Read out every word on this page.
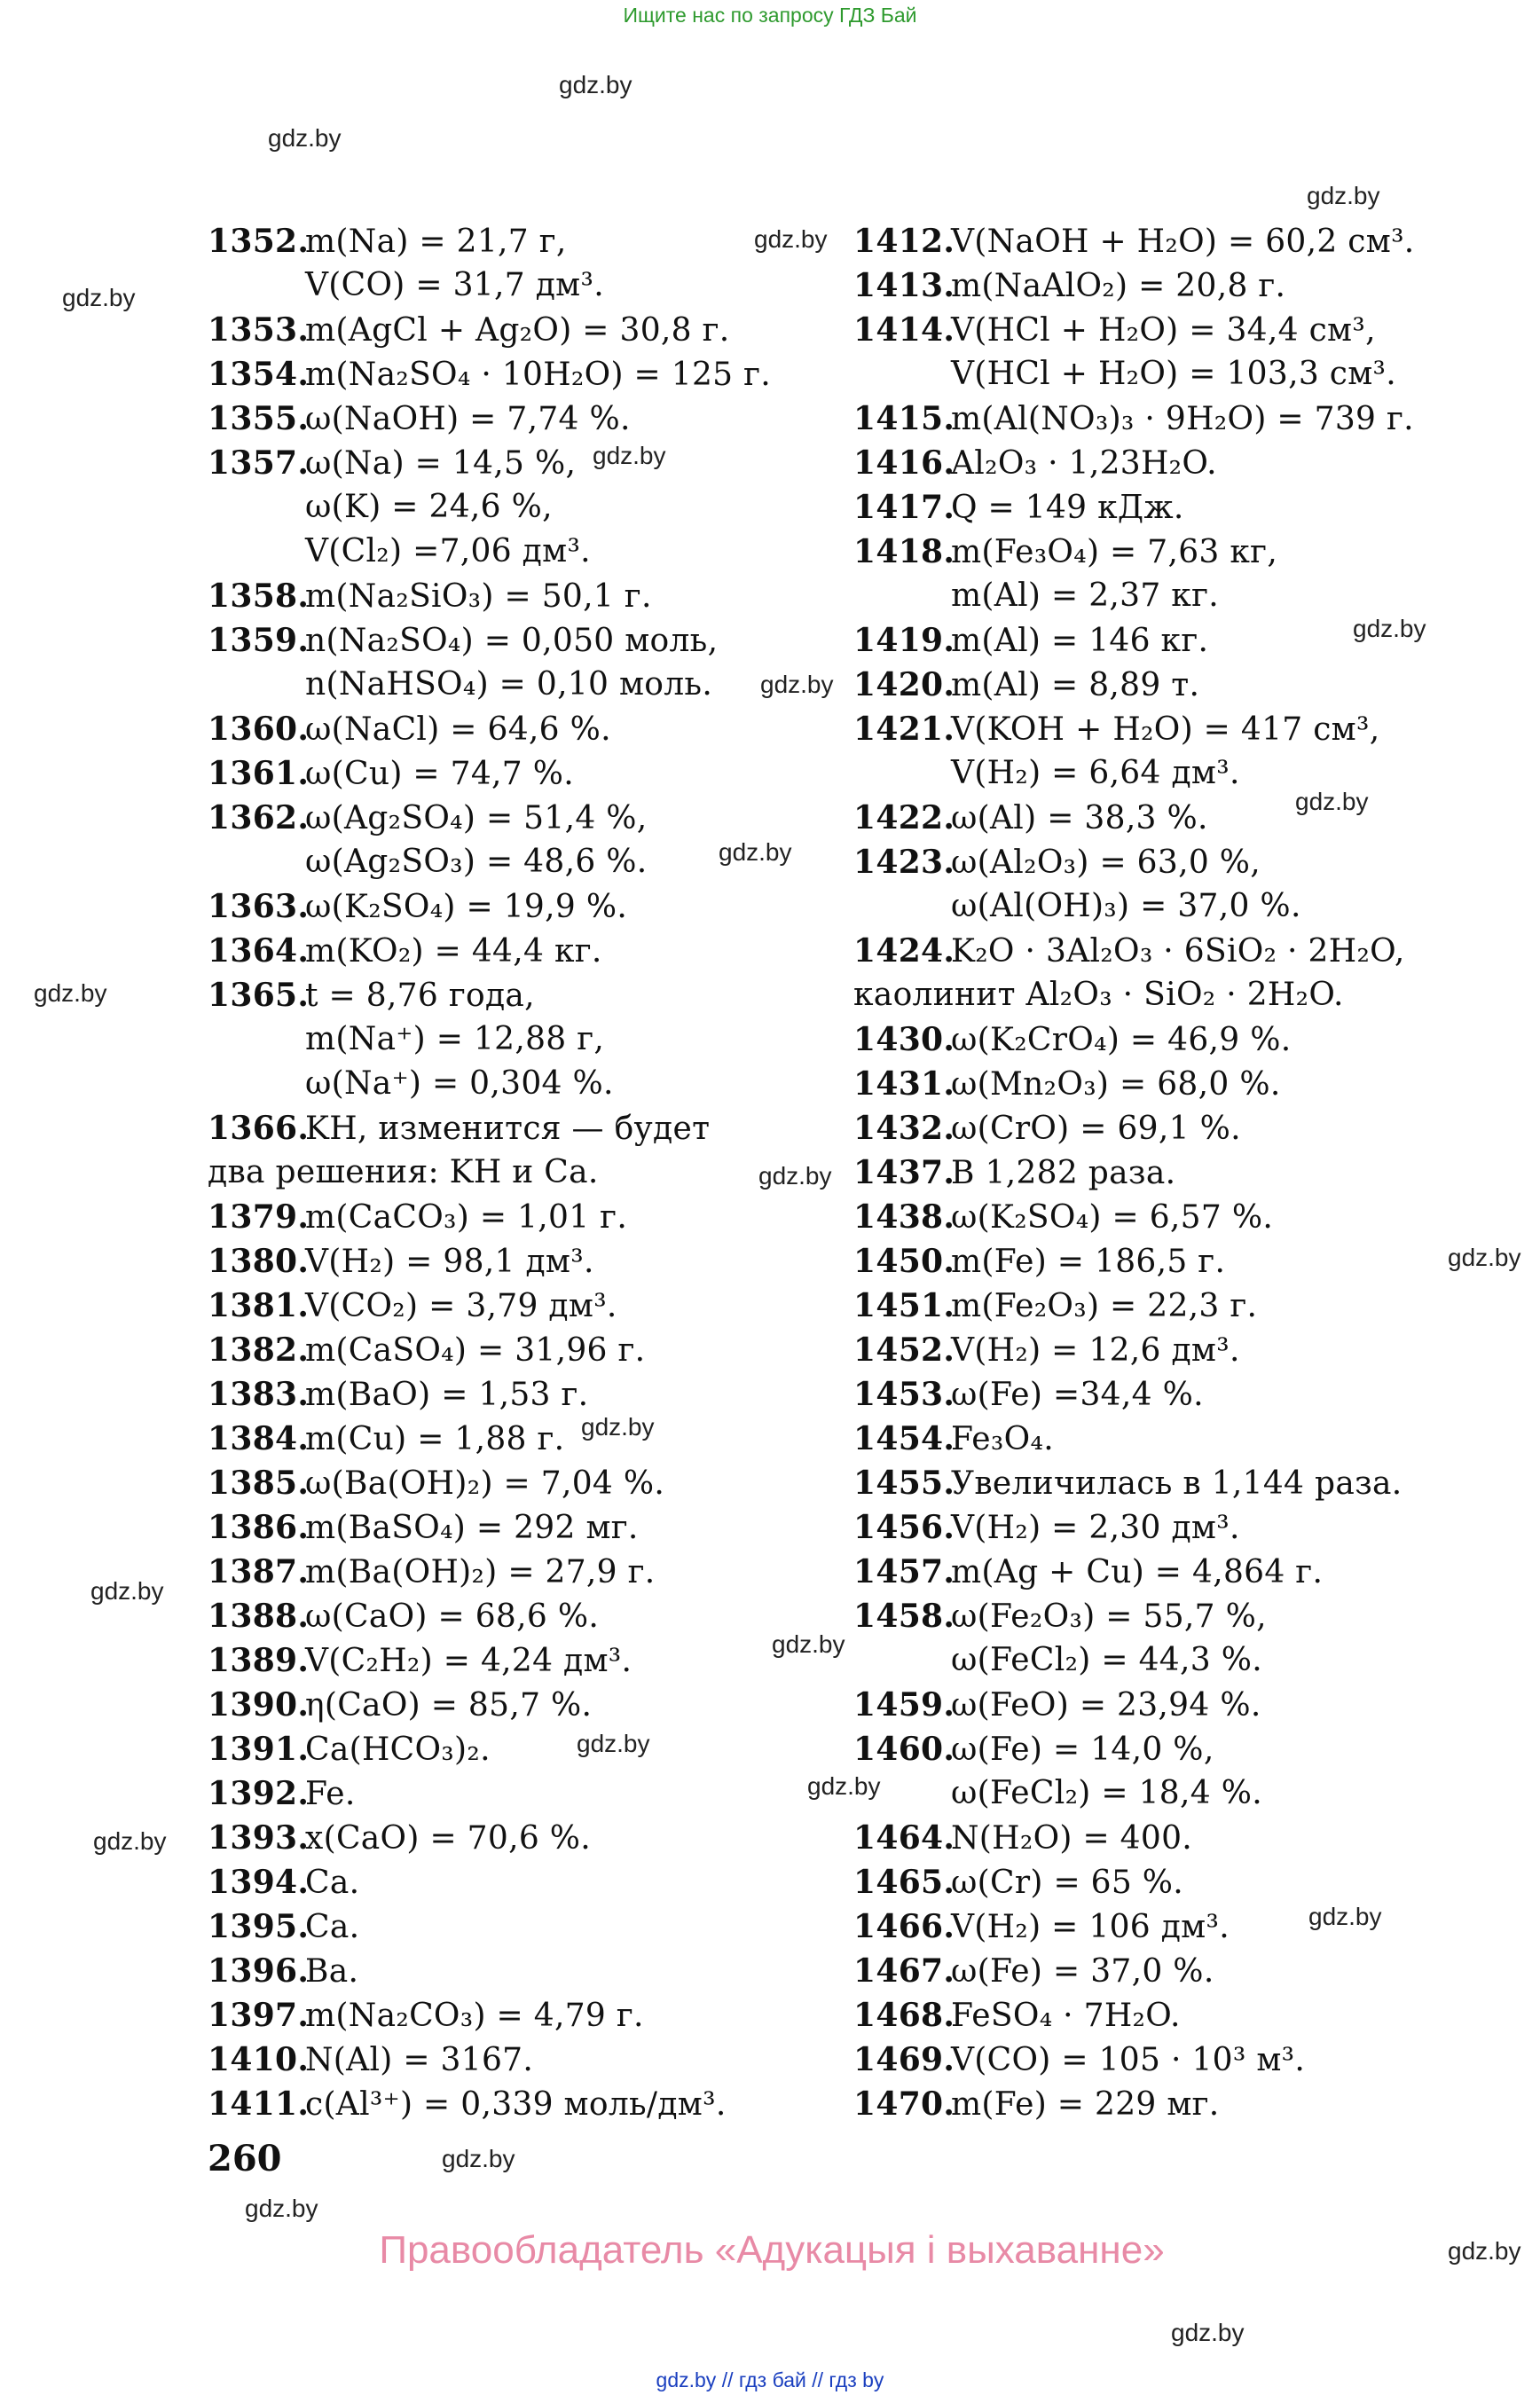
Ищите нас по запросу ГДЗ Бай
1352.m(Na) = 21,7 г,
V(CO) = 31,7 дм³.
1353.m(AgCl + Ag₂O) = 30,8 г.
1354.m(Na₂SO₄ · 10H₂O) = 125 г.
1355.ω(NaOH) = 7,74 %.
1357.ω(Na) = 14,5 %,
ω(K) = 24,6 %,
V(Cl₂) =7,06 дм³.
1358.m(Na₂SiO₃) = 50,1 г.
1359.n(Na₂SO₄) = 0,050 моль,
n(NaHSO₄) = 0,10 моль.
1360.ω(NaCl) = 64,6 %.
1361.ω(Cu) = 74,7 %.
1362.ω(Ag₂SO₄) = 51,4 %,
ω(Ag₂SO₃) = 48,6 %.
1363.ω(K₂SO₄) = 19,9 %.
1364.m(KO₂) = 44,4 кг.
1365.t = 8,76 года,
m(Na⁺) = 12,88 г,
ω(Na⁺) = 0,304 %.
1366.KH, изменится — будет
два решения: KH и Ca.
1379.m(CaCO₃) = 1,01 г.
1380.V(H₂) = 98,1 дм³.
1381.V(CO₂) = 3,79 дм³.
1382.m(CaSO₄) = 31,96 г.
1383.m(BaO) = 1,53 г.
1384.m(Cu) = 1,88 г.
1385.ω(Ba(OH)₂) = 7,04 %.
1386.m(BaSO₄) = 292 мг.
1387.m(Ba(OH)₂) = 27,9 г.
1388.ω(CaO) = 68,6 %.
1389.V(C₂H₂) = 4,24 дм³.
1390.η(CaO) = 85,7 %.
1391.Ca(HCO₃)₂.
1392.Fe.
1393.x(CaO) = 70,6 %.
1394.Ca.
1395.Ca.
1396.Ba.
1397.m(Na₂CO₃) = 4,79 г.
1410.N(Al) = 3167.
1411.c(Al³⁺) = 0,339 моль/дм³.
1412.V(NaOH + H₂O) = 60,2 см³.
1413.m(NaAlO₂) = 20,8 г.
1414.V(HCl + H₂O) = 34,4 см³,
V(HCl + H₂O) = 103,3 см³.
1415.m(Al(NO₃)₃ · 9H₂O) = 739 г.
1416.Al₂O₃ · 1,23H₂O.
1417.Q = 149 кДж.
1418.m(Fe₃O₄) = 7,63 кг,
m(Al) = 2,37 кг.
1419.m(Al) = 146 кг.
1420.m(Al) = 8,89 т.
1421.V(KOH + H₂O) = 417 см³,
V(H₂) = 6,64 дм³.
1422.ω(Al) = 38,3 %.
1423.ω(Al₂O₃) = 63,0 %,
ω(Al(OH)₃) = 37,0 %.
1424.K₂O · 3Al₂O₃ · 6SiO₂ · 2H₂O,
каолинит Al₂O₃ · SiO₂ · 2H₂O.
1430.ω(K₂CrO₄) = 46,9 %.
1431.ω(Mn₂O₃) = 68,0 %.
1432.ω(CrO) = 69,1 %.
1437.В 1,282 раза.
1438.ω(K₂SO₄) = 6,57 %.
1450.m(Fe) = 186,5 г.
1451.m(Fe₂O₃) = 22,3 г.
1452.V(H₂) = 12,6 дм³.
1453.ω(Fe) =34,4 %.
1454.Fe₃O₄.
1455.Увеличилась в 1,144 раза.
1456.V(H₂) = 2,30 дм³.
1457.m(Ag + Cu) = 4,864 г.
1458.ω(Fe₂O₃) = 55,7 %,
ω(FeCl₂) = 44,3 %.
1459.ω(FeO) = 23,94 %.
1460.ω(Fe) = 14,0 %,
ω(FeCl₂) = 18,4 %.
1464.N(H₂O) = 400.
1465.ω(Cr) = 65 %.
1466.V(H₂) = 106 дм³.
1467.ω(Fe) = 37,0 %.
1468.FeSO₄ · 7H₂O.
1469.V(CO) = 105 · 10³ м³.
1470.m(Fe) = 229 мг.
260
Правообладатель «Адукацыя і выхаванне»
gdz.by // гдз бай // гдз by
gdz.by
gdz.by
gdz.by
gdz.by
gdz.by
gdz.by
gdz.by
gdz.by
gdz.by
gdz.by
gdz.by
gdz.by
gdz.by
gdz.by
gdz.by
gdz.by
gdz.by
gdz.by
gdz.by
gdz.by
gdz.by
gdz.by
gdz.by
gdz.by
